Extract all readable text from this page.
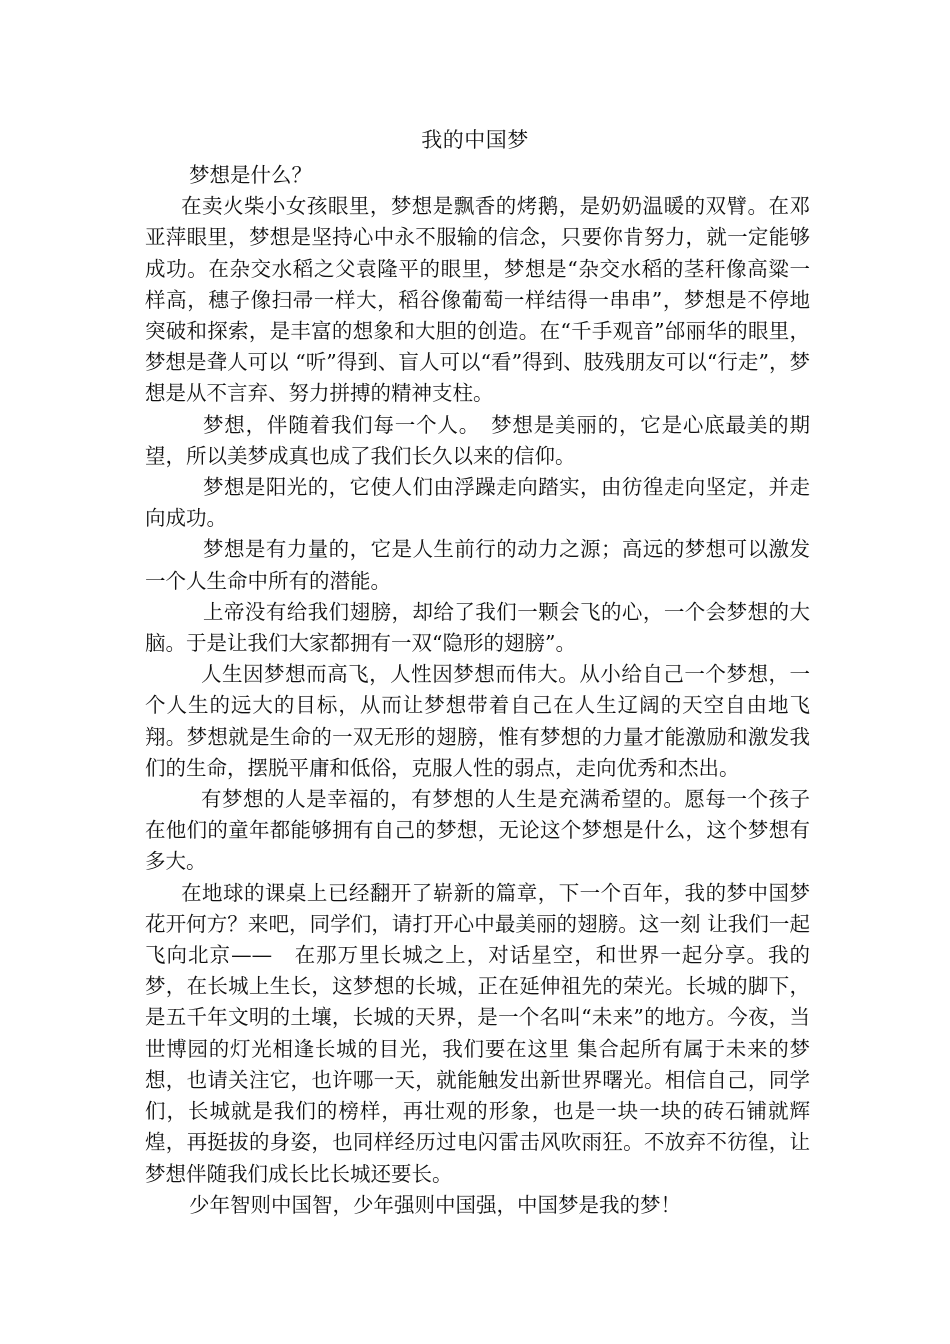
我的中国梦

梦想是什么？

在卖火柴小女孩眼里，梦想是飘香的烤鹅，是奶奶温暖的双臂。在邓亚萍眼里，梦想是坚持心中永不服输的信念，只要你肯努力，就一定能够成功。在杂交水稻之父袁隆平的眼里，梦想是“杂交水稻的茎秆像高粱一样高，穗子像扫帚一样大，稻谷像葡萄一样结得一串串”，梦想是不停地突破和探索，是丰富的想象和大胆的创造。在“千手观音”邰丽华的眼里，梦想是聋人可以 “听”得到、盲人可以“看”得到、肢残朋友可以“行走”，梦想是从不言弃、努力拼搏的精神支柱。

梦想，伴随着我们每一个人。　梦想是美丽的，它是心底最美的期望，所以美梦成真也成了我们长久以来的信仰。

梦想是阳光的，它使人们由浮躁走向踏实，由彷徨走向坚定，并走向成功。

梦想是有力量的，它是人生前行的动力之源；高远的梦想可以激发一个人生命中所有的潜能。

上帝没有给我们翅膀，却给了我们一颗会飞的心，一个会梦想的大脑。于是让我们大家都拥有一双“隐形的翅膀”。

人生因梦想而高飞，人性因梦想而伟大。从小给自己一个梦想，一个人生的远大的目标，从而让梦想带着自己在人生辽阔的天空自由地飞翔。梦想就是生命的一双无形的翅膀，惟有梦想的力量才能激励和激发我们的生命，摆脱平庸和低俗，克服人性的弱点，走向优秀和杰出。

有梦想的人是幸福的，有梦想的人生是充满希望的。愿每一个孩子在他们的童年都能够拥有自己的梦想，无论这个梦想是什么，这个梦想有多大。

在地球的课桌上已经翻开了崭新的篇章，下一个百年，我的梦中国梦花开何方？来吧，同学们，请打开心中最美丽的翅膀。这一刻 让我们一起飞向北京——　在那万里长城之上，对话星空，和世界一起分享。我的梦，在长城上生长，这梦想的长城，正在延伸祖先的荣光。长城的脚下，是五千年文明的土壤，长城的天界，是一个名叫“未来”的地方。今夜，当世博园的灯光相逢长城的目光，我们要在这里 集合起所有属于未来的梦想，也请关注它，也许哪一天，就能触发出新世界曙光。相信自己，同学们，长城就是我们的榜样，再壮观的形象，也是一块一块的砖石铺就辉煌，再挺拔的身姿，也同样经历过电闪雷击风吹雨狂。不放弃不彷徨，让梦想伴随我们成长比长城还要长。

少年智则中国智，少年强则中国强，中国梦是我的梦！
